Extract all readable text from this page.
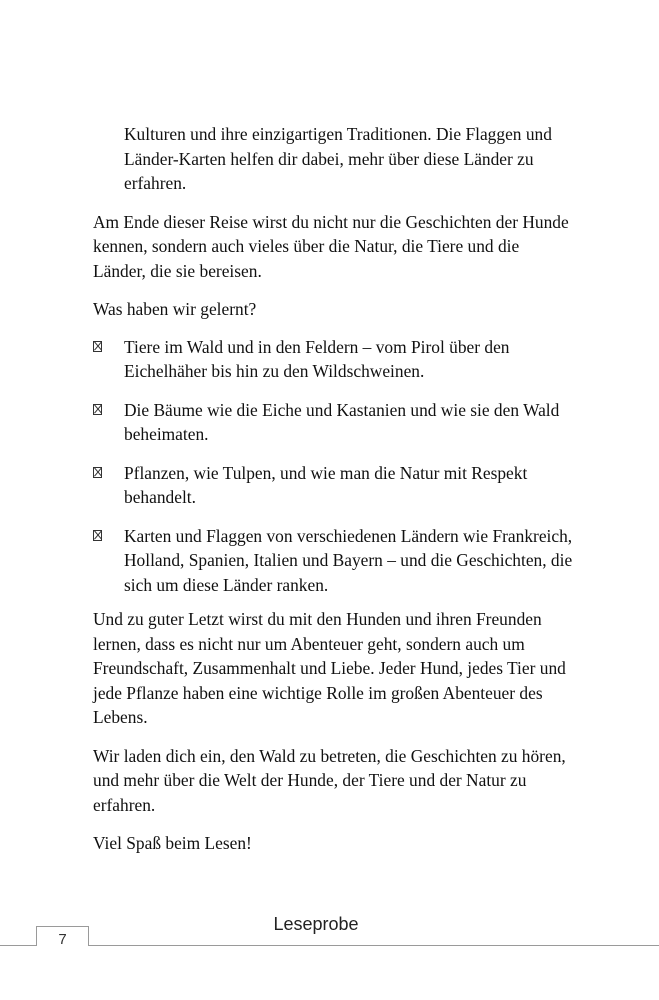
Kulturen und ihre einzigartigen Traditionen. Die Flaggen und Länder-Karten helfen dir dabei, mehr über diese Länder zu erfahren.

Am Ende dieser Reise wirst du nicht nur die Geschichten der Hunde kennen, sondern auch vieles über die Natur, die Tiere und die Länder, die sie bereisen.

Was haben wir gelernt?

Tiere im Wald und in den Feldern – vom Pirol über den Eichelhäher bis hin zu den Wildschweinen.
Die Bäume wie die Eiche und Kastanien und wie sie den Wald beheimaten.
Pflanzen, wie Tulpen, und wie man die Natur mit Respekt behandelt.
Karten und Flaggen von verschiedenen Ländern wie Frankreich, Holland, Spanien, Italien und Bayern – und die Geschichten, die sich um diese Länder ranken.

Und zu guter Letzt wirst du mit den Hunden und ihren Freunden lernen, dass es nicht nur um Abenteuer geht, sondern auch um Freundschaft, Zusammenhalt und Liebe. Jeder Hund, jedes Tier und jede Pflanze haben eine wichtige Rolle im großen Abenteuer des Lebens.

Wir laden dich ein, den Wald zu betreten, die Geschichten zu hören, und mehr über die Welt der Hunde, der Tiere und der Natur zu erfahren.

Viel Spaß beim Lesen!

Leseprobe
7
